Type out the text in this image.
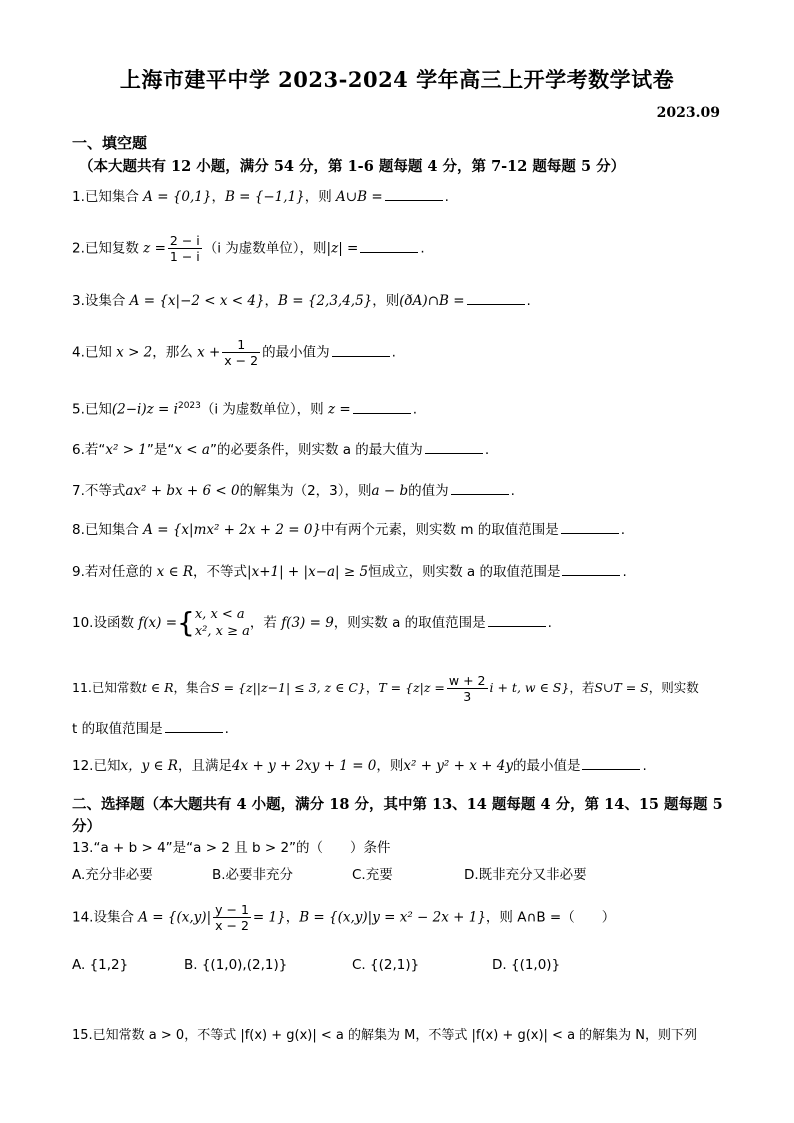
上海市建平中学 2023-2024 学年高三上开学考数学试卷
2023.09
一、填空题
（本大题共有 12 小题，满分 54 分，第 1-6 题每题 4 分，第 7-12 题每题 5 分）
1.已知集合 A = {0,1}，B = {−1,1}，则 A∪B =	.
2.已知复数 $z = \frac{2 - i}{1 - i} (i$ 为虚数单位），则|z| =	.
3.设集合 A = {x|−2 < x < 4}，B = {2,3,4,5}，则(ðA)∩B =	.
4.已知 x > 2，那么 $x + \frac{1}{x - 2}$ 的最小值为	.
5.已知$(2-i)z = i^{2023}(i$ 为虚数单位），则 z =	.
6.若“x² > 1”是“x < a”的必要条件，则实数 a 的最大值为	.
7.不等式ax² + bx + 6 < 0的解集为（2，3），则a − b的值为	.
8.已知集合 A = {x|mx² + 2x + 2 = 0}中有两个元素，则实数 m 的取值范围是	.
9.若对任意的 x ∈ R，不等式|x+1| + |x−a| ≥ 5恒成立，则实数 a 的取值范围是	.
10.设函数 f(x) ={ x, x < a
x², x ≥ a
，若 f(3) = 9，则实数 a 的取值范围是	.
11.已知常数t ∈ R，集合S = {z||z−1| ≤ 3, z ∈ C}，$T = \{z|z = \frac{w + 2}{3}$ i + t, w ∈ S}，若S∪T = S，则实数
t 的取值范围是	.
12.已知x，y ∈ R，且满足4x + y + 2xy + 1 = 0，则x² + y² + x + 4y的最小值是	.
二、选择题（本大题共有 4 小题，满分 18 分，其中第 13、14 题每题 4 分，第 14、15 题每题 5
分）
13.“a + b > 4”是“a > 2 且 b > 2”的（　　）条件
A.充分非必要	B.必要非充分	C.充要	D.既非充分又非必要
14.设集合 $A = \{(x,y)| \frac{y - 1}{x - 2} = 1\}$，B = {(x,y)|y = x² − 2x + 1}，则 A∩B =（　　）
A. {1,2}	B. {(1,0),(2,1)}	C. {(2,1)}	D. {(1,0)}
15.已知常数 a > 0，不等式 |f(x) + g(x)| < a 的解集为 M，不等式 |f(x) + g(x)| < a 的解集为 N，则下列
